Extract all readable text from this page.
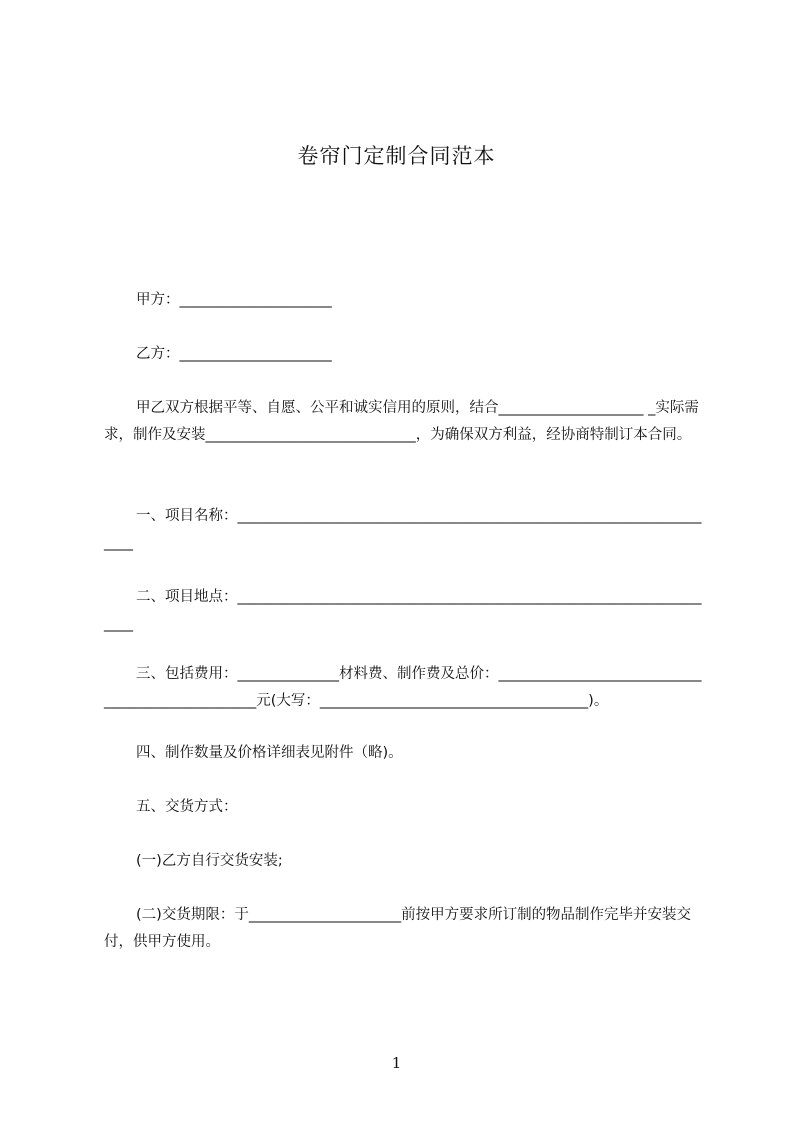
卷帘门定制合同范本
甲方：_____________________
乙方：_____________________
甲乙双方根据平等、自愿、公平和诚实信用的原则，结合____________________ _实际需求，制作及安装_____________________________，为确保双方利益，经协商特制订本合同。
一、项目名称：____________________________________________________________________
二、项目地点：____________________________________________________________________
三、包括费用：______________材料费、制作费及总价：_________________________________________________元(大写：_____________________________________)。
四、制作数量及价格详细表见附件（略)。
五、交货方式：
(一)乙方自行交货安装;
(二)交货期限：于_____________________前按甲方要求所订制的物品制作完毕并安装交付，供甲方使用。
1
